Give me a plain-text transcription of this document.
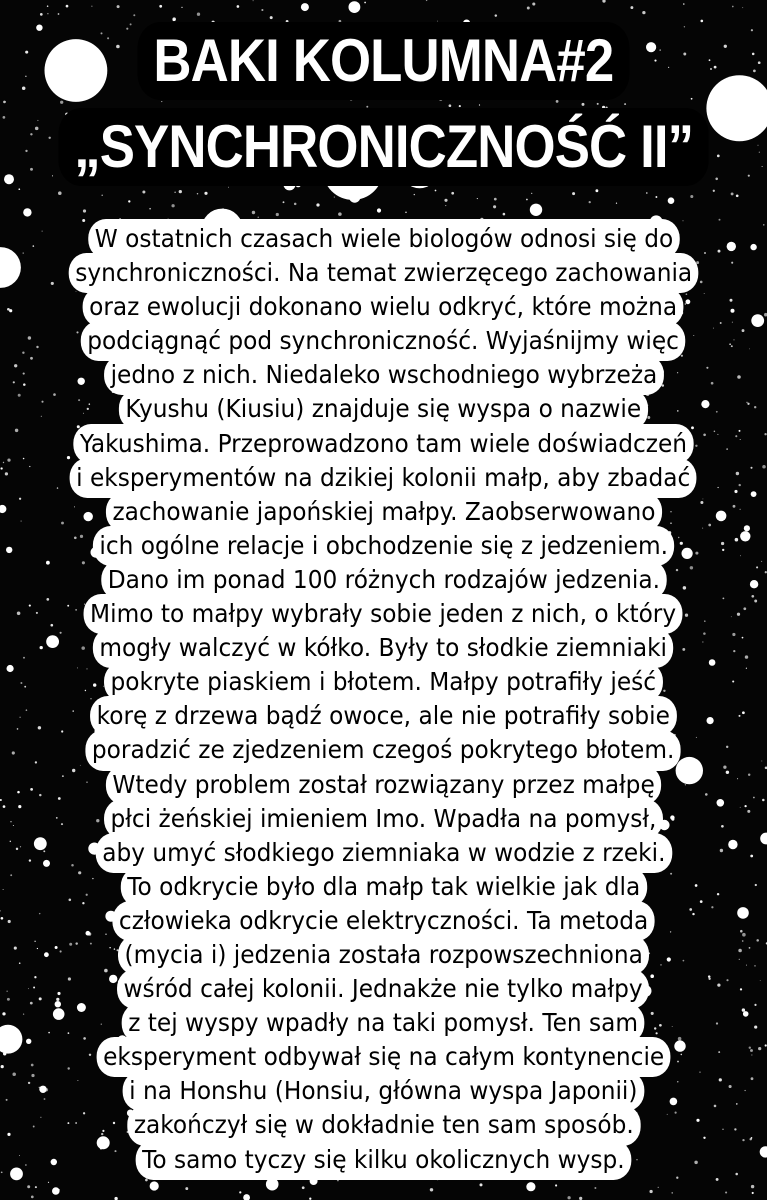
BAKI KOLUMNA#2
„SYNCHRONICZNOŚĆ II”
W ostatnich czasach wiele biologów odnosi się do
synchroniczności. Na temat zwierzęcego zachowania
oraz ewolucji dokonano wielu odkryć, które można
podciągnąć pod synchroniczność. Wyjaśnijmy więc
jedno z nich. Niedaleko wschodniego wybrzeża
Kyushu (Kiusiu) znajduje się wyspa o nazwie
Yakushima. Przeprowadzono tam wiele doświadczeń
i eksperymentów na dzikiej kolonii małp, aby zbadać
zachowanie japońskiej małpy. Zaobserwowano
ich ogólne relacje i obchodzenie się z jedzeniem.
Dano im ponad 100 różnych rodzajów jedzenia.
Mimo to małpy wybrały sobie jeden z nich, o który
mogły walczyć w kółko. Były to słodkie ziemniaki
pokryte piaskiem i błotem. Małpy potrafiły jeść
korę z drzewa bądź owoce, ale nie potrafiły sobie
poradzić ze zjedzeniem czegoś pokrytego błotem.
Wtedy problem został rozwiązany przez małpę
płci żeńskiej imieniem Imo. Wpadła na pomysł,
aby umyć słodkiego ziemniaka w wodzie z rzeki.
To odkrycie było dla małp tak wielkie jak dla
człowieka odkrycie elektryczności. Ta metoda
(mycia i) jedzenia została rozpowszechniona
wśród całej kolonii. Jednakże nie tylko małpy
z tej wyspy wpadły na taki pomysł. Ten sam
eksperyment odbywał się na całym kontynencie
i na Honshu (Honsiu, główna wyspa Japonii)
zakończył się w dokładnie ten sam sposób.
To samo tyczy się kilku okolicznych wysp.
